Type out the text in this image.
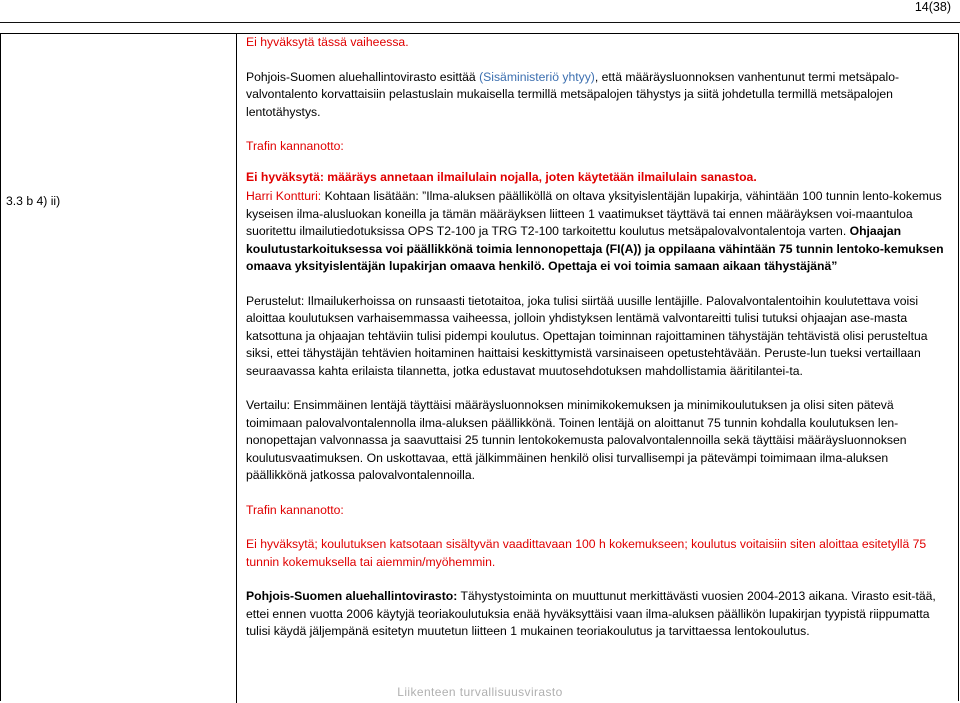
14(38)
3.3 b 4) ii)

Ei hyväksytä tässä vaiheessa.

Pohjois-Suomen aluehallintovirasto esittää (Sisäministeriö yhtyy), että määräysluonnoksen vanhentunut termi metsäpalo-valvontalento korvattaisiin pelastuslain mukaisella termillä metsäpalojen tähystys ja siitä johdetulla termillä metsäpalojen lentotähystys.

Trafin kannanotto:

Ei hyväksytä: määräys annetaan ilmailulain nojalla, joten käytetään ilmailulain sanastoa.

Harri Kontturi: Kohtaan lisätään: ”Ilma-aluksen päälliköllä on oltava yksityislentäjän lupakirja, vähintään 100 tunnin lento-kokemus kyseisen ilma-alusluokan koneilla ja tämän määräyksen liitteen 1 vaatimukset täyttävä tai ennen määräyksen voi-maantuloa suoritettu ilmailutiedotuksissa OPS T2-100 ja TRG T2-100 tarkoitettu koulutus metsäpalovalvontalentoja varten. Ohjaajan koulutustarkoituksessa voi päällikkönä toimia lennonopettaja (FI(A)) ja oppilaana vähintään 75 tunnin lentoko-kemuksen omaava yksityislentäjän lupakirjan omaava henkilö. Opettaja ei voi toimia samaan aikaan tähystäjänä”

Perustelut: Ilmailukerhoissa on runsaasti tietotaitoa, joka tulisi siirtää uusille lentäjille. Palovalvontalentoihin koulutettava voisi aloittaa koulutuksen varhaisemmassa vaiheessa, jolloin yhdistyksen lentämä valvontareitti tulisi tutuksi ohjaajan ase-masta katsottuna ja ohjaajan tehtäviin tulisi pidempi koulutus. Opettajan toiminnan rajoittaminen tähystäjän tehtävistä olisi perusteltua siksi, ettei tähystäjän tehtävien hoitaminen haittaisi keskittymistä varsinaiseen opetustehtävään. Peruste-lun tueksi vertaillaan seuraavassa kahta erilaista tilannetta, jotka edustavat muutosehdotuksen mahdollistamia ääritilantei-ta.

Vertailu: Ensimmäinen lentäjä täyttäisi määräysluonnoksen minimikokemuksen ja minimikoulutuksen ja olisi siten pätevä toimimaan palovalvontalennolla ilma-aluksen päällikkönä. Toinen lentäjä on aloittanut 75 tunnin kohdalla koulutuksen len-nonopettajan valvonnassa ja saavuttaisi 25 tunnin lentokokemusta palovalvontalennoilla sekä täyttäisi määräysluonnoksen koulutusvaatimuksen. On uskottavaa, että jälkimmäinen henkilö olisi turvallisempi ja pätevämpi toimimaan ilma-aluksen päällikkönä jatkossa palovalvontalennoilla.

Trafin kannanotto:

Ei hyväksytä; koulutuksen katsotaan sisältyvän vaadittavaan 100 h kokemukseen; koulutus voitaisiin siten aloittaa esitetyllä 75 tunnin kokemuksella tai aiemmin/myöhemmin.

Pohjois-Suomen aluehallintovirasto: Tähystystoiminta on muuttunut merkittävästi vuosien 2004-2013 aikana. Virasto esit-tää, ettei ennen vuotta 2006 käytyjä teoriakoulutuksia enää hyväksyttäisi vaan ilma-aluksen päällikön lupakirjan tyypistä riippumatta tulisi käydä jäljempänä esitetyn muutetun liitteen 1 mukainen teoriakoulutus ja tarvittaessa lentokoulutus.

Liikenteen turvallisuusvirasto
